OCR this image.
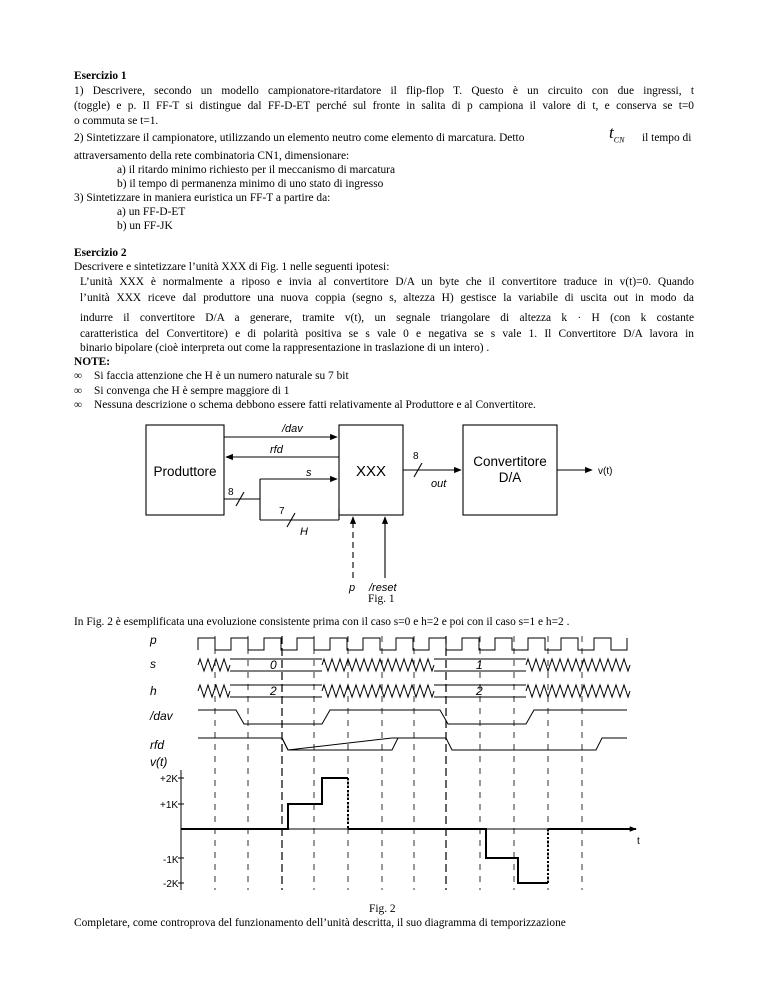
Esercizio 1
1) Descrivere, secondo un modello campionatore-ritardatore il flip-flop T. Questo è un circuito con due ingressi, t
(toggle) e p. Il FF-T si distingue dal FF-D-ET perché sul fronte in salita di p campiona il valore di t, e conserva se t=0
o commuta se t=1.
2) Sintetizzare il campionatore, utilizzando un elemento neutro come elemento di marcatura. Detto	$t_{CN}$ il tempo di
attraversamento della rete combinatoria CN1, dimensionare:
a) il ritardo minimo richiesto per il meccanismo di marcatura
b) il tempo di permanenza minimo di uno stato di ingresso
3) Sintetizzare in maniera euristica un FF-T a partire da:
a) un FF-D-ET
b) un FF-JK
Esercizio 2
Descrivere e sintetizzare l’unità XXX di Fig. 1 nelle seguenti ipotesi:
L’unità XXX è normalmente a riposo e invia al convertitore D/A un byte che il convertitore traduce in v(t)=0. Quando
l’unità XXX riceve dal produttore una nuova coppia (segno s, altezza H) gestisce la variabile di uscita out in modo da
indurre il convertitore D/A a generare, tramite v(t), un segnale triangolare di altezza k · H (con k costante
caratteristica del Convertitore) e di polarità positiva se s vale 0 e negativa se s vale 1. Il Convertitore D/A lavora in
binario bipolare (cioè interpreta out come la rappresentazione in traslazione di un intero) .
NOTE:
∞ Si faccia attenzione che H è un numero naturale su 7 bit
∞ Si convenga che H è sempre maggiore di 1
∞ Nessuna descrizione o schema debbono essere fatti relativamente al Produttore e al Convertitore.
/dav
rfd
s
H
out
p /reset
8
7
8
v(t)
Produttore	XXX
Convertitore
D/A
Fig. 1
In Fig. 2 è esemplificata una evoluzione consistente prima con il caso s=0 e h=2 e poi con il caso s=1 e h=2 .
p
s
h
/dav
rfd
v(t)
0	1
2	2
+2K
+1K
-1K
-2K
t
Fig. 2
Completare, come controprova del funzionamento dell’unità descritta, il suo diagramma di temporizzazione
